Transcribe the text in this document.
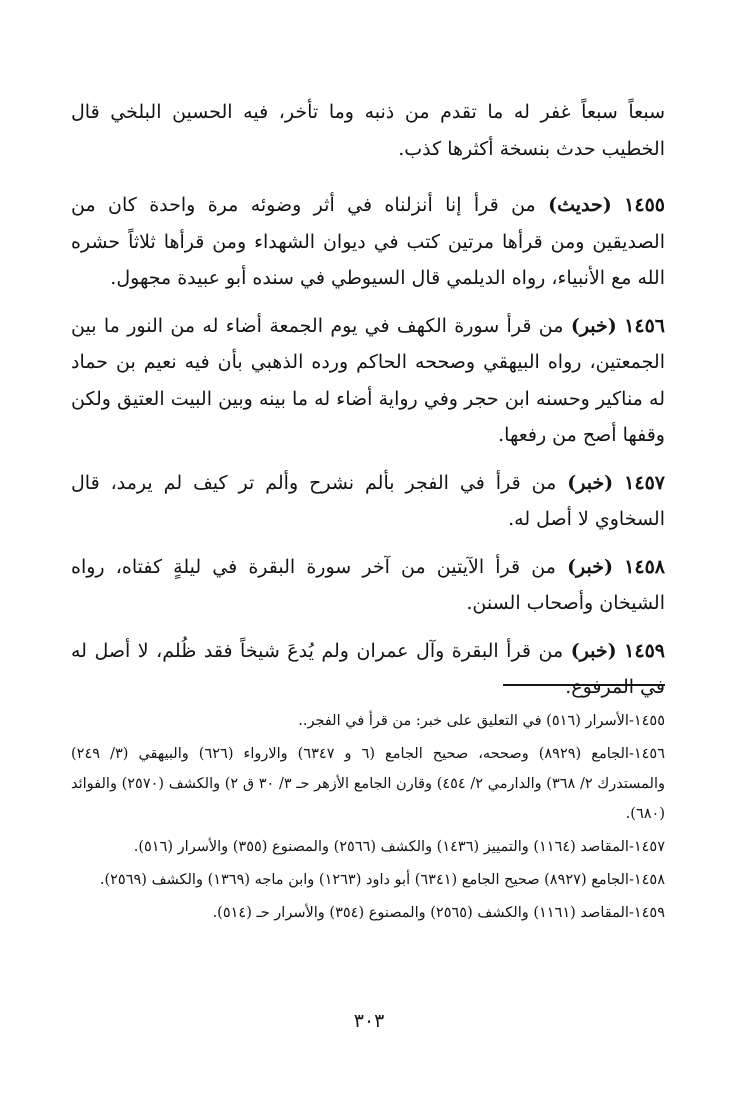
سبعاً سبعاً غفر له ما تقدم من ذنبه وما تأخر، فيه الحسين البلخي قال الخطيب حدث بنسخة أكثرها كذب.

١٤٥٥ (حديث) من قرأ إنا أنزلناه في أثر وضوئه مرة واحدة كان من الصديقين ومن قرأها مرتين كتب في ديوان الشهداء ومن قرأها ثلاثاً حشره الله مع الأنبياء، رواه الديلمي قال السيوطي في سنده أبو عبيدة مجهول.

١٤٥٦ (خبر) من قرأ سورة الكهف في يوم الجمعة أضاء له من النور ما بين الجمعتين، رواه البيهقي وصححه الحاكم ورده الذهبي بأن فيه نعيم بن حماد له مناكير وحسنه ابن حجر وفي رواية أضاء له ما بينه وبين البيت العتيق ولكن وقفها أصح من رفعها.

١٤٥٧ (خبر) من قرأ في الفجر بألم نشرح وألم تر كيف لم يرمد، قال السخاوي لا أصل له.

١٤٥٨ (خبر) من قرأ الآيتين من آخر سورة البقرة في ليلةٍ كفتاه، رواه الشيخان وأصحاب السنن.

١٤٥٩ (خبر) من قرأ البقرة وآل عمران ولم يُدعَ شيخاً فقد ظُلم، لا أصل له في المرفوع.

١٤٥٥-الأسرار (٥١٦) في التعليق على خبر: من قرأ في الفجر..

١٤٥٦-الجامع (٨٩٢٩) وصححه، صحيح الجامع (٦ و ٦٣٤٧) والارواء (٦٢٦) والبيهقي (٣/ ٢٤٩) والمستدرك ٢/ ٣٦٨) والدارمي ٢/ ٤٥٤) وقارن الجامع الأزهر حـ ٣/ ٣٠ ق ٢) والكشف (٢٥٧٠) والفوائد (٦٨٠).

١٤٥٧-المقاصد (١١٦٤) والتمييز (١٤٣٦) والكشف (٢٥٦٦) والمصنوع (٣٥٥) والأسرار (٥١٦).

١٤٥٨-الجامع (٨٩٢٧) صحيح الجامع (٦٣٤١) أبو داود (١٢٦٣) وابن ماجه (١٣٦٩) والكشف (٢٥٦٩).

١٤٥٩-المقاصد (١١٦١) والكشف (٢٥٦٥) والمصنوع (٣٥٤) والأسرار حـ (٥١٤).

٣٠٣
